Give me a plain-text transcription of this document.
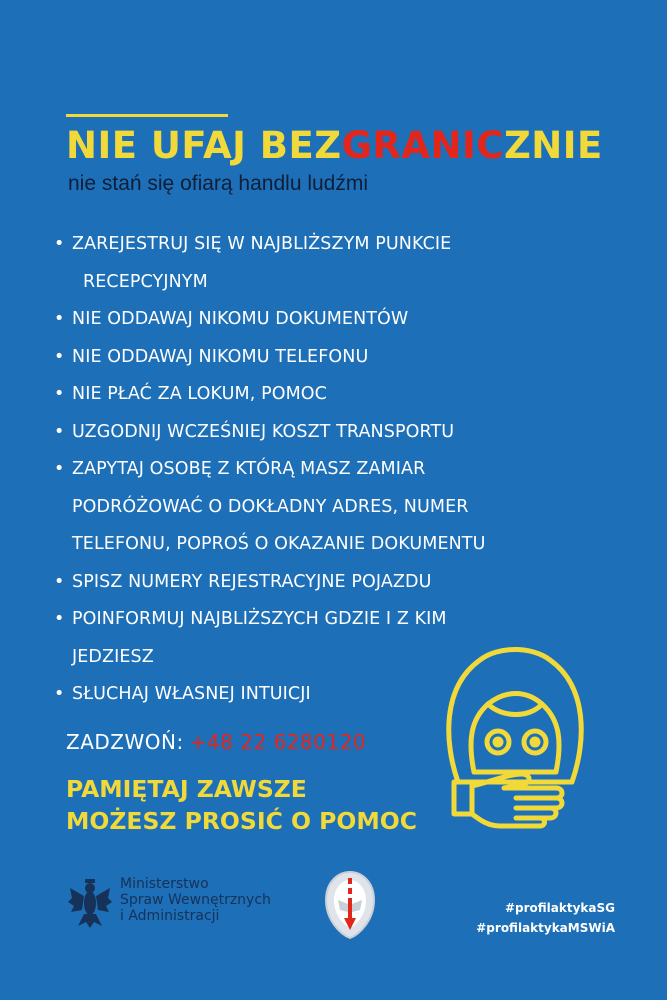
NIE UFAJ BEZGRANICZNIE
nie stań się ofiarą handlu ludźmi
• ZAREJESTRUJ SIĘ W NAJBLIŻSZYM PUNKCIE
RECEPCYJNYM
• NIE ODDAWAJ NIKOMU DOKUMENTÓW
• NIE ODDAWAJ NIKOMU TELEFONU
• NIE PŁAĆ ZA LOKUM, POMOC
• UZGODNIJ WCZEŚNIEJ KOSZT TRANSPORTU
• ZAPYTAJ OSOBĘ Z KTÓRĄ MASZ ZAMIAR
PODRÓŻOWAĆ O DOKŁADNY ADRES, NUMER
TELEFONU, POPROŚ O OKAZANIE DOKUMENTU
• SPISZ NUMERY REJESTRACYJNE POJAZDU
• POINFORMUJ NAJBLIŻSZYCH GDZIE I Z KIM
JEDZIESZ
• SŁUCHAJ WŁASNEJ INTUICJI
ZADZWOŃ: +48 22 6280120
PAMIĘTAJ ZAWSZE
MOŻESZ PROSIĆ O POMOC
Ministerstwo
Spraw Wewnętrznych
i Administracji	#profilaktykaSG
#profilaktykaMSWiA
